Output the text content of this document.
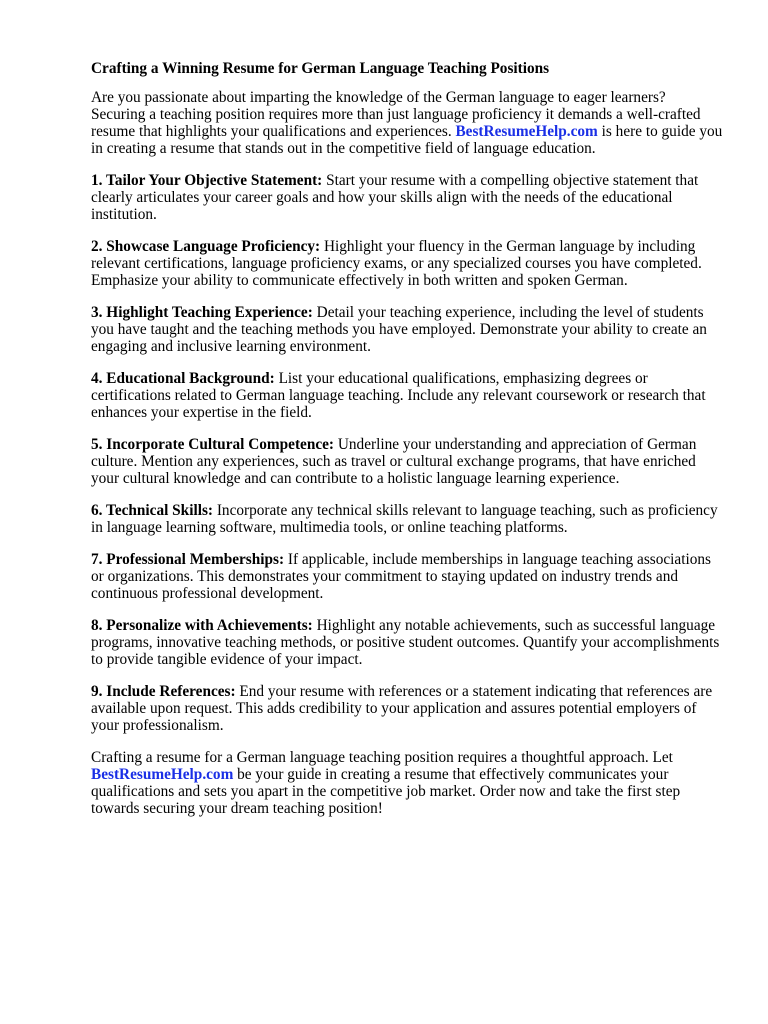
Crafting a Winning Resume for German Language Teaching Positions

Are you passionate about imparting the knowledge of the German language to eager learners? Securing a teaching position requires more than just language proficiency it demands a well-crafted resume that highlights your qualifications and experiences. BestResumeHelp.com is here to guide you in creating a resume that stands out in the competitive field of language education.

1. Tailor Your Objective Statement: Start your resume with a compelling objective statement that clearly articulates your career goals and how your skills align with the needs of the educational institution.

2. Showcase Language Proficiency: Highlight your fluency in the German language by including relevant certifications, language proficiency exams, or any specialized courses you have completed. Emphasize your ability to communicate effectively in both written and spoken German.

3. Highlight Teaching Experience: Detail your teaching experience, including the level of students you have taught and the teaching methods you have employed. Demonstrate your ability to create an engaging and inclusive learning environment.

4. Educational Background: List your educational qualifications, emphasizing degrees or certifications related to German language teaching. Include any relevant coursework or research that enhances your expertise in the field.

5. Incorporate Cultural Competence: Underline your understanding and appreciation of German culture. Mention any experiences, such as travel or cultural exchange programs, that have enriched your cultural knowledge and can contribute to a holistic language learning experience.

6. Technical Skills: Incorporate any technical skills relevant to language teaching, such as proficiency in language learning software, multimedia tools, or online teaching platforms.

7. Professional Memberships: If applicable, include memberships in language teaching associations or organizations. This demonstrates your commitment to staying updated on industry trends and continuous professional development.

8. Personalize with Achievements: Highlight any notable achievements, such as successful language programs, innovative teaching methods, or positive student outcomes. Quantify your accomplishments to provide tangible evidence of your impact.

9. Include References: End your resume with references or a statement indicating that references are available upon request. This adds credibility to your application and assures potential employers of your professionalism.

Crafting a resume for a German language teaching position requires a thoughtful approach. Let BestResumeHelp.com be your guide in creating a resume that effectively communicates your qualifications and sets you apart in the competitive job market. Order now and take the first step towards securing your dream teaching position!
